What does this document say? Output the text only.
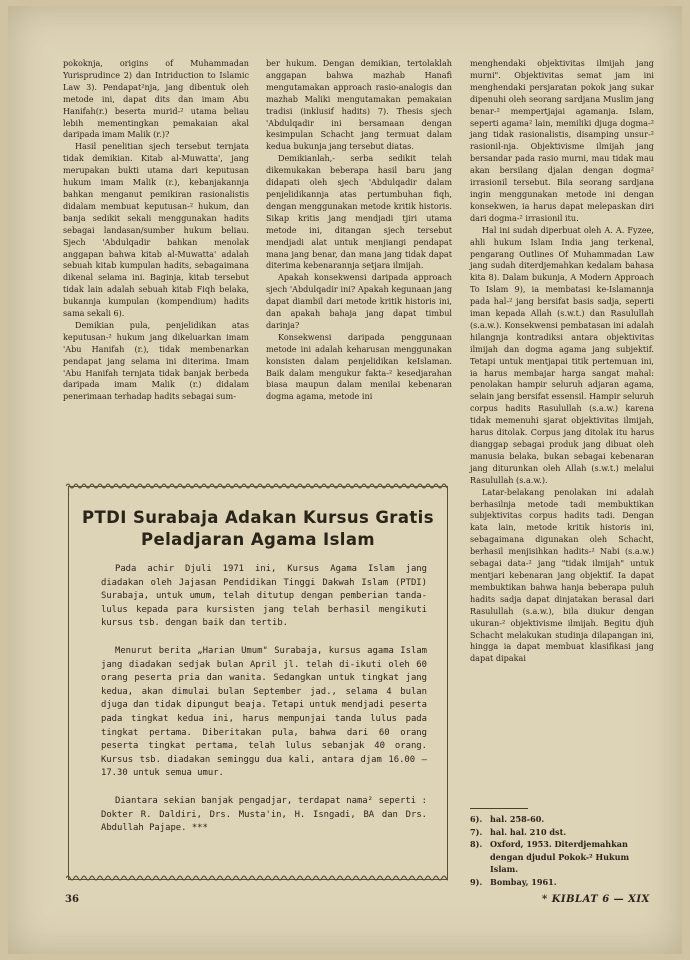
pokoknja, origins of Muhammadan Yurisprudince 2) dan Intriduction to Islamic Law 3). Pendapat²nja, jang dibentuk oleh metode ini, dapat dits dan imam Abu Hanifah(r.) beserta murid-² utama beliau lebih mementingkan pemakaian akal daripada imam Malik (r.)?

Hasil penelitian sjech tersebut ternjata tidak demikian. Kitab al-Muwatta', jang merupakan bukti utama dari keputusan hukum imam Malik (r.), kebanjakannja bahkan menganut pemikiran rasionalistis didalam membuat keputusan-² hukum, dan banja sedikit sekali menggunakan hadits sebagai landasan/sumber hukum beliau. Sjech 'Abdulqadir bahkan menolak anggapan bahwa kitab al-Muwatta' adalah sebuah kitab kumpulan hadits, sebagaimana dikenal selama ini. Baginja, kitab tersebut tidak lain adalah sebuah kitab Fiqh belaka, bukannja kumpulan (kompendium) hadits sama sekali 6).

Demikian pula, penjelidikan atas keputusan-² hukum jang dikeluarkan imam 'Abu Hanifah (r.), tidak membenarkan pendapat jang selama ini diterima. Imam 'Abu Hanifah ternjata tidak banjak berbeda daripada imam Malik (r.) didalam penerimaan terhadap hadits sebagai sum-

ber hukum. Dengan demikian, tertolaklah anggapan bahwa mazhab Hanafi mengutamakan approach rasio-analogis dan mazhab Maliki mengutamakan pemakaian tradisi (inklusif hadits) 7). Thesis sjech 'Abdulqadir ini bersamaan dengan kesimpulan Schacht jang termuat dalam kedua bukunja jang tersebut diatas.

Demikianlah,- serba sedikit telah dikemukakan beberapa hasil baru jang didapati oleh sjech 'Abdulqadir dalam penjelidikannja atas pertumbuhan fiqh, dengan menggunakan metode kritik historis. Sikap kritis jang mendjadi tjiri utama metode ini, ditangan sjech tersebut mendjadi alat untuk menjiangi pendapat mana jang benar, dan mana jang tidak dapat diterima kebenarannja setjara ilmijah.

Apakah konsekwensi daripada approach sjech 'Abdulqadir ini? Apakah kegunaan jang dapat diambil dari metode kritik historis ini, dan apakah bahaja jang dapat timbul darinja?

Konsekwensi daripada penggunaan metode ini adalah keharusan menggunakan konsisten dalam penjelidikan keIslaman. Baik dalam mengukur fakta-² kesedjarahan biasa maupun dalam menilai kebenaran dogma agama, metode ini

menghendaki objektivitas ilmijah jang murni". Objektivitas semat jam ini menghendaki persjaratan pokok jang sukar dipenuhi oleh seorang sardjana Muslim jang benar-² mempertjajai agamanja. Islam, seperti agama² lain, memiliki djuga dogma-² jang tidak rasionalistis, disamping unsur-² rasionil-nja. Objektivisme ilmijah jang bersandar pada rasio murni, mau tidak mau akan bersilang djalan dengan dogma² irrasionil tersebut. Bila seorang sardjana ingin menggunakan metode ini dengan konsekwen, ia harus dapat melepaskan diri dari dogma-² irrasionil itu.

Hal ini sudah diperbuat oleh A. A. Fyzee, ahli hukum Islam India jang terkenal, pengarang Outlines Of Muhammadan Law jang sudah diterdjemahkan kedalam bahasa kita 8). Dalam bukunja, A Modern Approach To Islam 9), ia membatasi ke-Islamannja pada hal-² jang bersifat basis sadja, seperti iman kepada Allah (s.w.t.) dan Rasulullah (s.a.w.). Konsekwensi pembatasan ini adalah hilangnja kontradiksi antara objektivitas ilmijah dan dogma agama jang subjektif. Tetapi untuk mentjapai titik pertemuan ini, ia harus membajar harga sangat mahal: penolakan hampir seluruh adjaran agama, selain jang bersifat essensil. Hampir seluruh corpus hadits Rasulullah (s.a.w.) karena tidak memenuhi sjarat objektivitas ilmijah, harus ditolak. Corpus jang ditolak itu harus dianggap sebagai produk jang dibuat oleh manusia belaka, bukan sebagai kebenaran jang diturunkan oleh Allah (s.w.t.) melalui Rasulullah (s.a.w.).

Latar-belakang penolakan ini adalah berhasilnja metode tadi membuktikan subjektivitas corpus hadits tadi. Dengan kata lain, metode kritik historis ini, sebagaimana digunakan oleh Schacht, berhasil menjisihkan hadits-² Nabi (s.a.w.) sebagai data-² jang "tidak ilmijah" untuk mentjari kebenaran jang objektif. Ia dapat membuktikan bahwa hanja beberapa puluh hadits sadja dapat dinjatakan berasal dari Rasulullah (s.a.w.), bila diukur dengan ukuran-² objektivisme ilmijah. Begitu djuh Schacht melakukan studinja dilapangan ini, hingga ia dapat membuat klasifikasi jang dapat dipakai

PTDI Surabaja Adakan Kursus Gratis
Peladjaran Agama Islam

Pada achir Djuli 1971 ini, Kursus Agama Islam jang diadakan oleh Jajasan Pendidikan Tinggi Dakwah Islam (PTDI) Surabaja, untuk umum, telah ditutup dengan pemberian tanda-lulus kepada para kursisten jang telah berhasil mengikuti kursus tsb. dengan baik dan tertib.

Menurut berita „Harian Umum" Surabaja, kursus agama Islam jang diadakan sedjak bulan April jl. telah di-ikuti oleh 60 orang peserta pria dan wanita. Sedangkan untuk tingkat jang kedua, akan dimulai bulan September jad., selama 4 bulan djuga dan tidak dipungut beaja. Tetapi untuk mendjadi peserta pada tingkat kedua ini, harus mempunjai tanda lulus pada tingkat pertama. Diberitakan pula, bahwa dari 60 orang peserta tingkat pertama, telah lulus sebanjak 40 orang. Kursus tsb. diadakan seminggu dua kali, antara djam 16.00 — 17.30 untuk semua umur.

Diantara sekian banjak pengadjar, terdapat nama² seperti : Dokter R. Daldiri, Drs. Musta'in, H. Isngadi, BA dan Drs. Abdullah Pajape. ***

6). hal. 258-60.
7). hal. hal. 210 dst.
8). Oxford, 1953. Diterdjemahkan dengan djudul Pokok-² Hukum Islam.
9). Bombay, 1961.
36	* KIBLAT 6 — XIX
